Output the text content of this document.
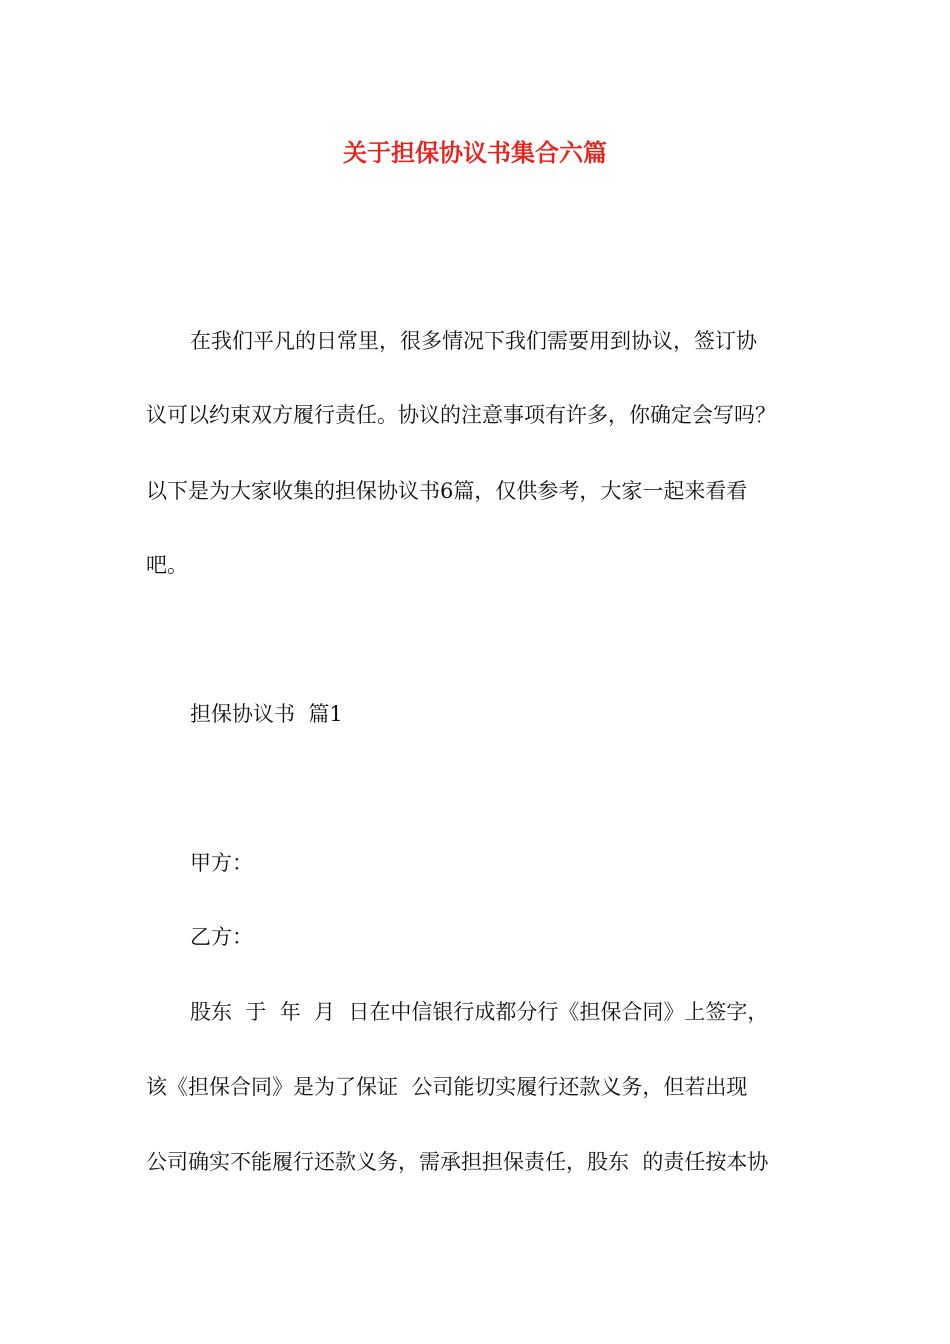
关于担保协议书集合六篇
在我们平凡的日常里，很多情况下我们需要用到协议，签订协
议可以约束双方履行责任。协议的注意事项有许多，你确定会写吗？
以下是为大家收集的担保协议书6篇，仅供参考，大家一起来看看
吧。
担保协议书  篇1
甲方：
乙方：
股东  于  年  月  日在中信银行成都分行《担保合同》上签字，
该《担保合同》是为了保证  公司能切实履行还款义务，但若出现
公司确实不能履行还款义务，需承担担保责任，股东  的责任按本协
